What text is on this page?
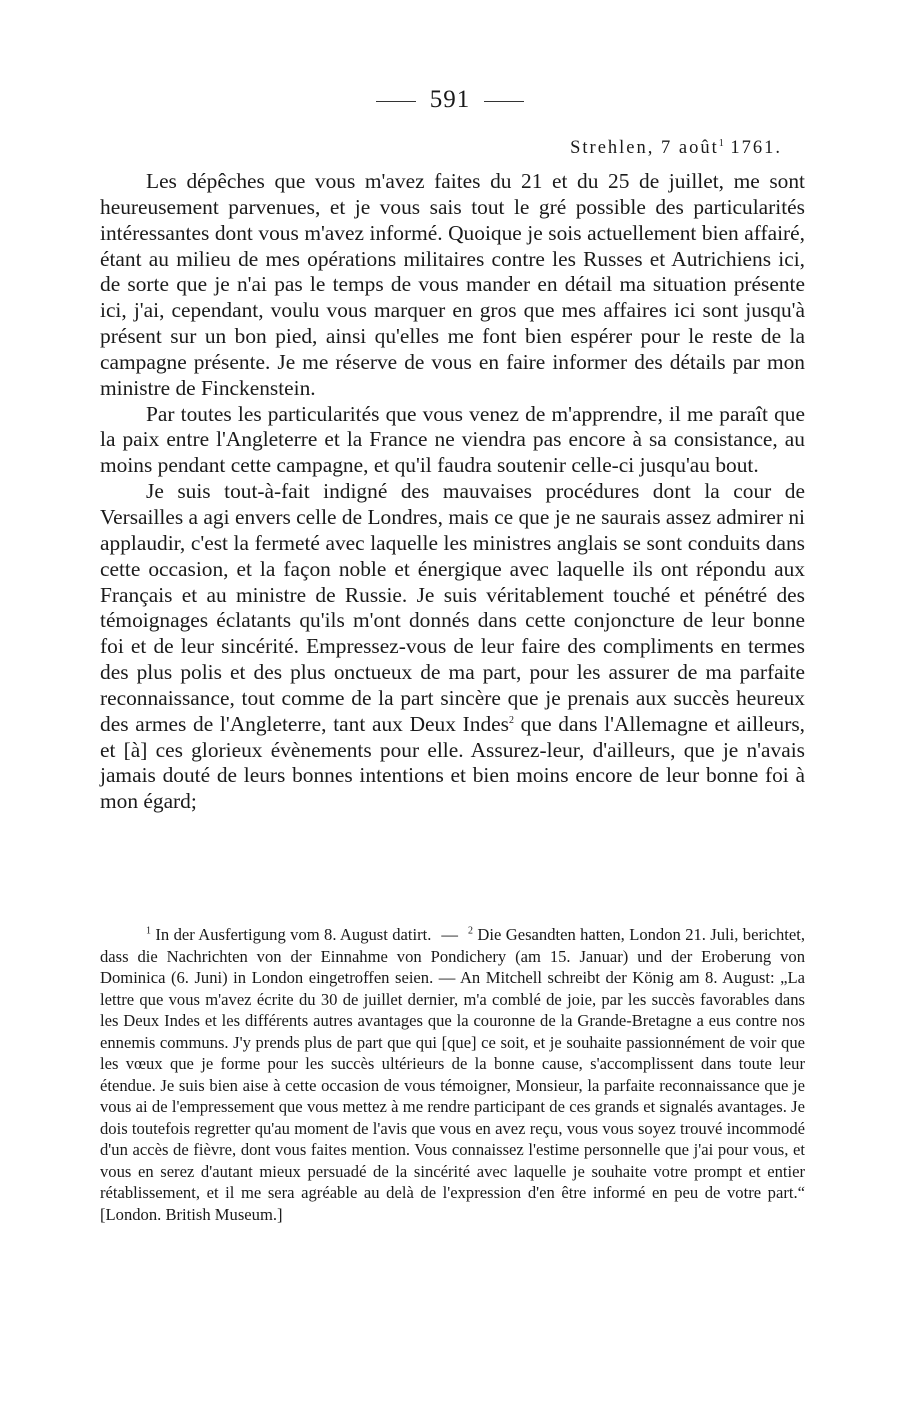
591
Strehlen, 7 août$^1$ 1761.

Les dépêches que vous m'avez faites du 21 et du 25 de juillet, me sont heureusement parvenues, et je vous sais tout le gré possible des particularités intéressantes dont vous m'avez informé. Quoique je sois actuellement bien affairé, étant au milieu de mes opérations militaires contre les Russes et Autrichiens ici, de sorte que je n'ai pas le temps de vous mander en détail ma situation présente ici, j'ai, cependant, voulu vous marquer en gros que mes affaires ici sont jusqu'à présent sur un bon pied, ainsi qu'elles me font bien espérer pour le reste de la campagne présente. Je me réserve de vous en faire informer des détails par mon ministre de Finckenstein.

Par toutes les particularités que vous venez de m'apprendre, il me paraît que la paix entre l'Angleterre et la France ne viendra pas encore à sa consistance, au moins pendant cette campagne, et qu'il faudra soutenir celle-ci jusqu'au bout.

Je suis tout-à-fait indigné des mauvaises procédures dont la cour de Versailles a agi envers celle de Londres, mais ce que je ne saurais assez admirer ni applaudir, c'est la fermeté avec laquelle les ministres anglais se sont conduits dans cette occasion, et la façon noble et énergique avec laquelle ils ont répondu aux Français et au ministre de Russie. Je suis véritablement touché et pénétré des témoignages éclatants qu'ils m'ont donnés dans cette conjoncture de leur bonne foi et de leur sincérité. Empressez-vous de leur faire des compliments en termes des plus polis et des plus onctueux de ma part, pour les assurer de ma parfaite reconnaissance, tout comme de la part sincère que je prenais aux succès heureux des armes de l'Angleterre, tant aux Deux Indes$^2$ que dans l'Allemagne et ailleurs, et [à] ces glorieux évènements pour elle. Assurez-leur, d'ailleurs, que je n'avais jamais douté de leurs bonnes intentions et bien moins encore de leur bonne foi à mon égard;

$^1$ In der Ausfertigung vom 8. August datirt. — $^2$ Die Gesandten hatten, London 21. Juli, berichtet, dass die Nachrichten von der Einnahme von Pondichery (am 15. Januar) und der Eroberung von Dominica (6. Juni) in London eingetroffen seien. — An Mitchell schreibt der König am 8. August: „La lettre que vous m'avez écrite du 30 de juillet dernier, m'a comblé de joie, par les succès favorables dans les Deux Indes et les différents autres avantages que la couronne de la Grande-Bretagne a eus contre nos ennemis communs. J'y prends plus de part que qui [que] ce soit, et je souhaite passionnément de voir que les vœux que je forme pour les succès ultérieurs de la bonne cause, s'accomplissent dans toute leur étendue. Je suis bien aise à cette occasion de vous témoigner, Monsieur, la parfaite reconnaissance que je vous ai de l'empressement que vous mettez à me rendre participant de ces grands et signalés avantages. Je dois toutefois regretter qu'au moment de l'avis que vous en avez reçu, vous vous soyez trouvé incommodé d'un accès de fièvre, dont vous faites mention. Vous connaissez l'estime personnelle que j'ai pour vous, et vous en serez d'autant mieux persuadé de la sincérité avec laquelle je souhaite votre prompt et entier rétablissement, et il me sera agréable au delà de l'expression d'en être informé en peu de votre part.“ [London. British Museum.]
